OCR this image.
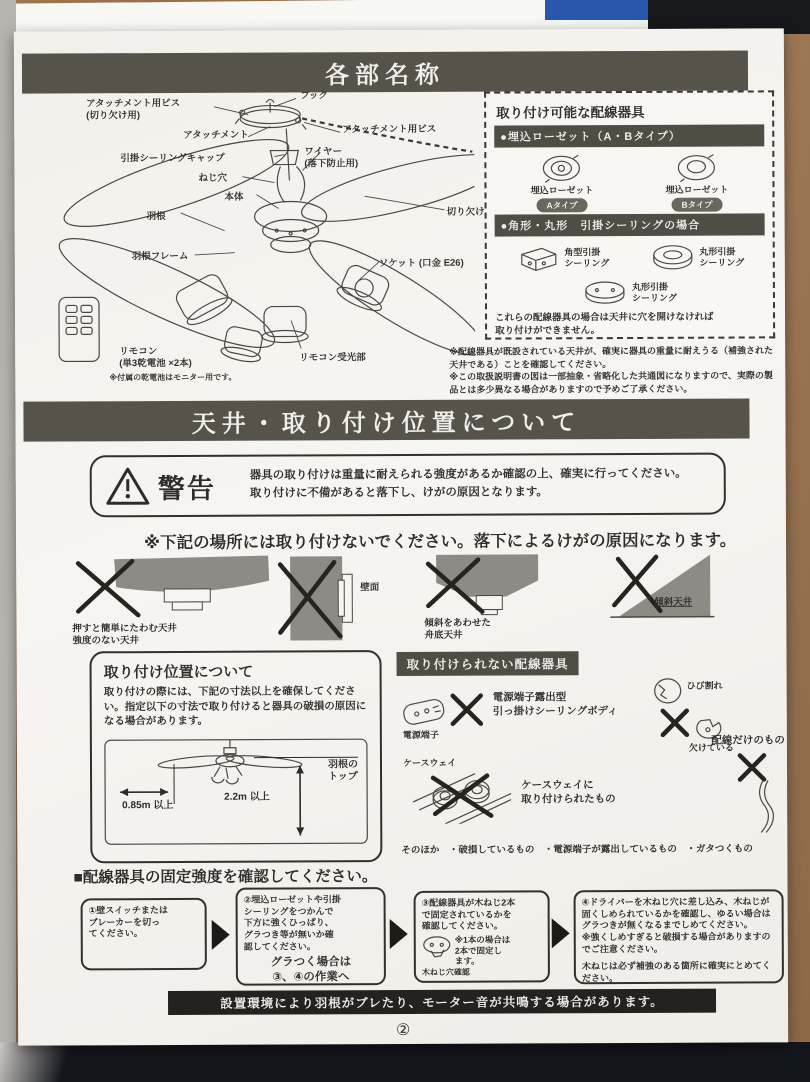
各部名称
アタッチメント用ビス
(切り欠け用)
フック
アタッチメント用ビス
アタッチメント
引掛シーリングキャップ
ワイヤー
(落下防止用)
ねじ穴
本体
羽根	切り欠け
羽根フレーム
ソケット (口金 E26)
リモコン
(単3乾電池 ×2本)
※付属の乾電池はモニター用です。
リモコン受光部
取り付け可能な配線器具
●埋込ローゼット（A・Bタイプ）
埋込ローゼット
Aタイプ
埋込ローゼット
Bタイプ
●角形・丸形　引掛シーリングの場合
角型引掛
シーリング
丸形引掛
シーリング
丸形引掛
シーリング
これらの配線器具の場合は天井に穴を開けなければ
取り付けができません。
※配線器具が既設されている天井が、確実に器具の重量に耐えうる（補強された天井である）ことを確認してください。
※この取扱説明書の図は一部抽象・省略化した共通図になりますので、実際の製品とは多少異なる場合がありますので予めご了承ください。
天井・取り付け位置について
警告	器具の取り付けは重量に耐えられる強度があるか確認の上、確実に行ってください。
取り付けに不備があると落下し、けがの原因となります。
※下記の場所には取り付けないでください。落下によるけがの原因になります。
押すと簡単にたわむ天井
強度のない天井
壁面
傾斜をあわせた
舟底天井
傾斜天井
取り付け位置について
取り付けの際には、下記の寸法以上を確保してください。指定以下の寸法で取り付けると器具の破損の原因になる場合があります。
0.85m 以上
2.2m 以上
羽根の
トップ
取り付けられない配線器具
電源端子
電源端子露出型
引っ掛けシーリングボディ
ひび割れ
欠けている
ケースウェイ
ケースウェイに
取り付けられたもの
配線だけのもの
そのほか　・破損しているもの　・電源端子が露出しているもの　・ガタつくもの
■配線器具の固定強度を確認してください。
①壁スイッチまたは
ブレーカーを切っ
てください。
②埋込ローゼットや引掛
シーリングをつかんで
下方に強くひっぱり、
グラつき等が無いか確
認してください。
グラつく場合は
③、④の作業へ
③配線器具が木ねじ2本
で固定されているかを
確認してください。
※1本の場合は
2本で固定し
ます。
木ねじ穴確認
④ドライバーを木ねじ穴に差し込み、木ねじが固くしめられているかを確認し、ゆるい場合はグラつきが無くなるまでしめてください。
※強くしめすぎると破損する場合がありますのでご注意ください。
木ねじは必ず補強のある箇所に確実にとめてください。
設置環境により羽根がブレたり、モーター音が共鳴する場合があります。
②
